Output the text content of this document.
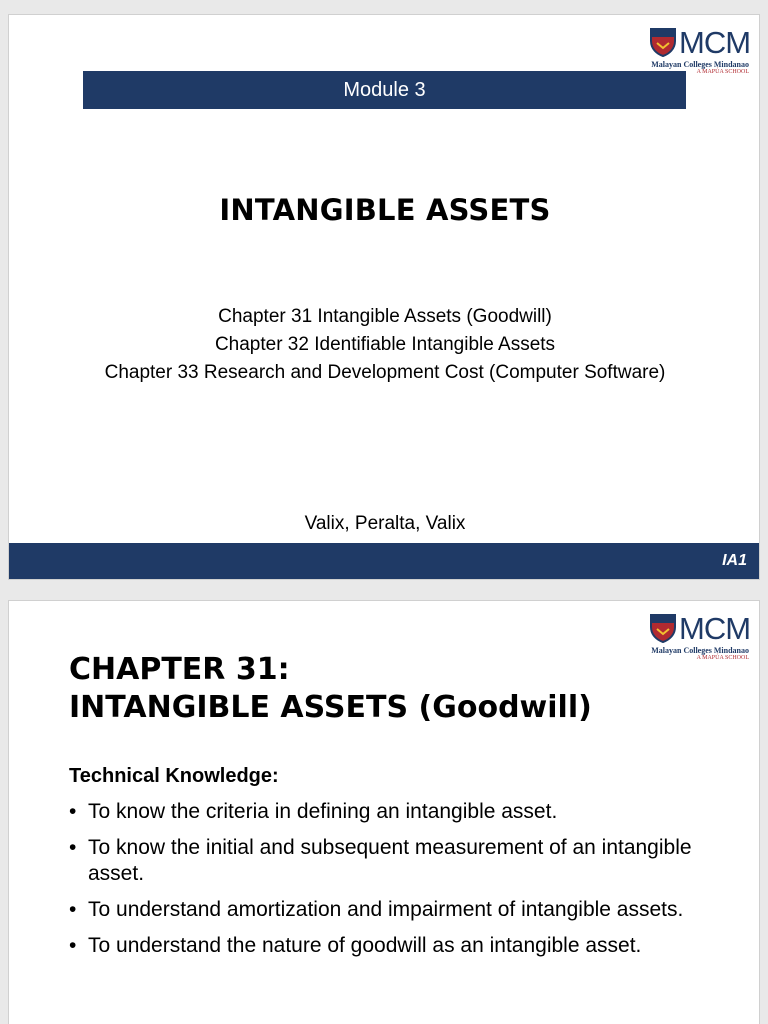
MCM
Malayan Colleges Mindanao
A MAPÚA SCHOOL
Module 3
INTANGIBLE ASSETS
Chapter 31 Intangible Assets (Goodwill)
Chapter 32 Identifiable Intangible Assets
Chapter 33 Research and Development Cost (Computer Software)
Valix, Peralta, Valix
IA1
MCM
Malayan Colleges Mindanao
A MAPÚA SCHOOL
CHAPTER 31:
INTANGIBLE ASSETS (Goodwill)
Technical Knowledge:
• To know the criteria in defining an intangible asset.
• To know the initial and subsequent measurement of an intangible asset.
• To understand amortization and impairment of intangible assets.
• To understand the nature of goodwill as an intangible asset.
